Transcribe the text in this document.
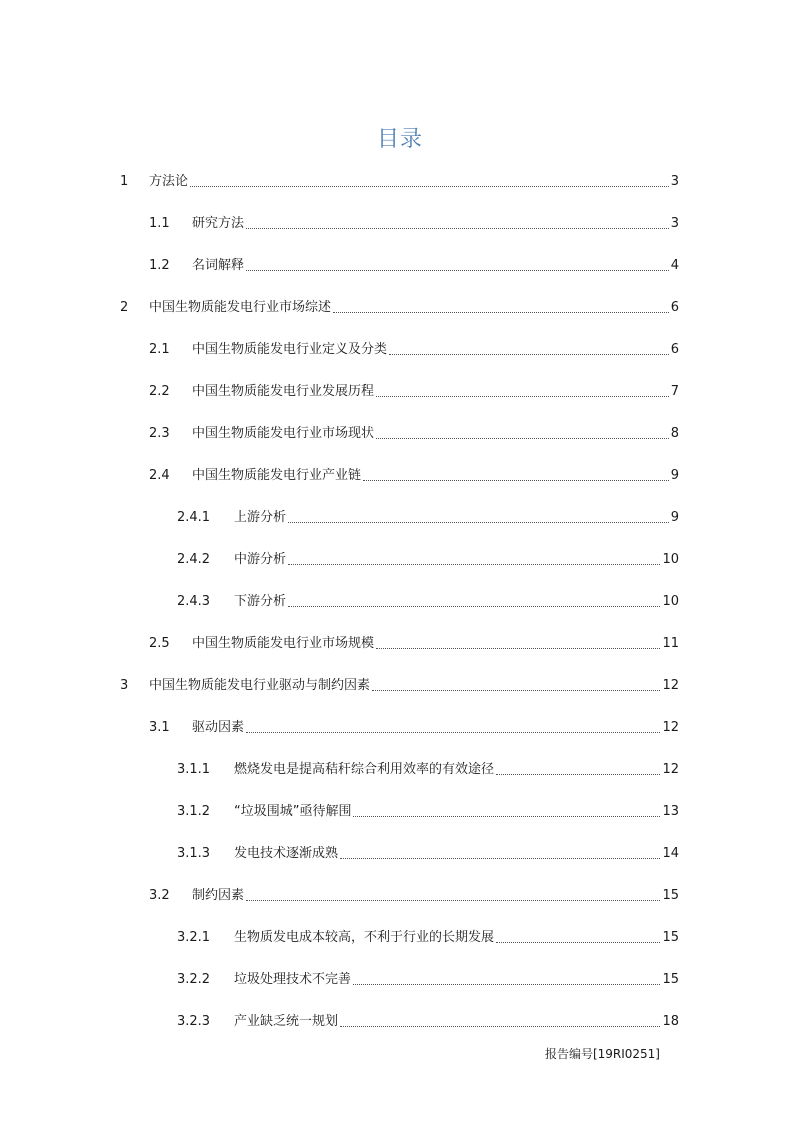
目录
1	方法论	3
1.1	研究方法	3
1.2	名词解释	4
2	中国生物质能发电行业市场综述	6
2.1	中国生物质能发电行业定义及分类	6
2.2	中国生物质能发电行业发展历程	7
2.3	中国生物质能发电行业市场现状	8
2.4	中国生物质能发电行业产业链	9
2.4.1	上游分析	9
2.4.2	中游分析	10
2.4.3	下游分析	10
2.5	中国生物质能发电行业市场规模	11
3	中国生物质能发电行业驱动与制约因素	12
3.1	驱动因素	12
3.1.1	燃烧发电是提高秸秆综合利用效率的有效途径	12
3.1.2	“垃圾围城”亟待解围	13
3.1.3	发电技术逐渐成熟	14
3.2	制约因素	15
3.2.1	生物质发电成本较高，不利于行业的长期发展	15
3.2.2	垃圾处理技术不完善	15
3.2.3	产业缺乏统一规划	18
报告编号[19RI0251]
